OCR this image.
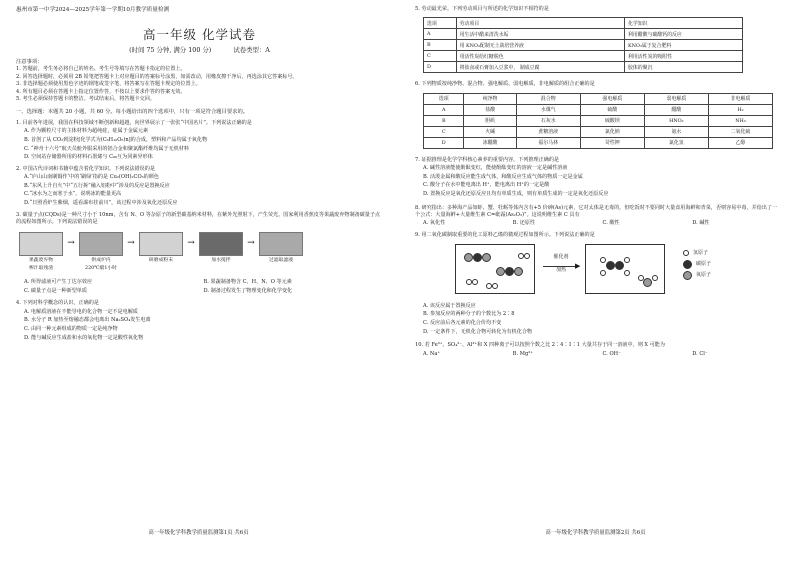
惠州市第一中学2024—2025学年第一学期10月教学质量检测
高一年级 化学试卷
(时间 75 分钟, 满分 100 分)	试卷类型：A
注意事项：
1. 答题前，考生务必将自己的姓名、考生号等填写在答题卡指定的位置上。
2. 回答选择题时，必须用 2B 铅笔把答题卡上对应题目的答案标号涂黑，如需改动，用橡皮擦干净后，再选涂其它答案标号。
3. 非选择题必须使用黑色字迹的钢笔或签字笔，将答案写在答题卡规定的位置上。
4. 所有题目必须在答题卡上指定位置作答，不按以上要求作答的答案无效。
5. 考生必须保持答题卡的整洁。考试结束后，将答题卡交回。
一、选择题：本题共 20 小题，共 60 分。每小题给出的四个选项中，只有一项是符合题目要求的。
1. 目前各年进展，我国在科技领域不断创新和超越，向世界展示了一张张“中国名片”。下列说法正确的是
A. 作为颗粒尺寸的主体材料为超纯硅，硅属于金属元素
B. 首创了从 CO₂到淀粉[化学式为(C₆H₁₀O₅)n]的合成，塑料和产品均属于氧化物
C. “神舟十六号”航天员舱外服采用的铝合金和聚氯酯纤维均属于无机材料
D. 空间站存储器所用的材料石墨烯与 C₆₀互为同素异形体
2. 中国古代诗词和书籍中蕴含着化学知识。下列说法错误的是
A.“庐山山南刷铜作‘中的‘刷绿’指的是 Cu₂(OH)₂CO₃的颜色
B.“东风上升自火”中“五行拆”融入铝粉中“涉及的反应是置换反应
C.“冰水为之而寒于水”，说明冰的能量更高
D.“日照香炉生紫烟，遥看瀑布挂前川”，该过程中涉及氧化还原反应
3. 碳量子点(CQDs)是一种尺寸小于 10nm，含有 N、O 等杂原子的新型碳基纳米材料，在紫外光照射下，产生荧光。国家利用香蕉皮等果蔬废弃物制备碳量子点的流程如图所示。下列说法错误的是
果蔬废弃物
榨汁取残渣
→
烘成炉内
220℃煅1小时
→
研磨成粉末
→
加水搅拌
→
过滤取滤液
A. 所得滤液可产生丁达尔效应	B. 果蔬制备物含 C、H、N、O 等元素
C. 碳量子点是一种新型单质	D. 制备过程发生了物理变化和化学变化
4. 下列对科学概念的认识，正确的是
A. 电解质溶液在不能导电的化合物一定不是电解质
B. 水分子 R 加热至熔融态都会电离出 Na₂SO₄发生电离
C. 由同一种元素组成的物质一定是纯净物
D. 能与碱反应生成盐和水的氧化物一定是酸性氧化物
高一年级化学科教学质量监测第1页 共6页
5. 劳动最光荣。下列劳动项目与所述的化学知识不相符的是
选项	劳动项目	化学知识
A	用生活中醋来清洗水垢	利用醋酸与碳酸钙的反应
B	用 KNO₃配制无土栽培营养液	KNO₃属于复合肥料
C	用活性炭给红糖脱色	利用活性炭的吸附性
D	将盐卤或石膏加入豆浆中， 制成豆腐	胶体的聚沉
6. 下列物质按纯净物、混合物、强电解质、弱电解质、非电解质的组合正确的是
选项	纯净物	混合物	强电解质	弱电解质	非电解质
A	盐酸	水煤气	硫酸	醋酸	H₂
B	胆矾	石灰水	硫酸钡	HNO₂	NH₃
C	火碱	蔗糖溶液	氯化钠	氨水	二氧化硫
D	冰醋酸	福尔马林	苛性钾	氯化氢	乙醇
7. 证据推理是化学学科核心素养的重要内容，下列推理正确的是
A. 碱性溶液能使酚酞变红，能使酚酞变红的溶液一定是碱性溶液
B. 活泼金属和酸反应能生成气体，和酸反应生成气体的物质一定是金属
C. 酸分子在水中能电离出 H⁺，能电离出 H⁺的一定是酸
D. 置换反应是氧化还原反应且均有单质生成，则有单质生成的一定是氧化还原反应
8. 研究指出：多种海产品如虾、蟹、牡蛎等体内含有+5 价砷(As)元素，它对太体是无毒的，但吃饭时不要同时大量食用海鲜和青菜，否则容易中毒，并给出了一个公式：大量海鲜+大量维生素 C=砒霜(As₂O₃)”。这说明维生素 C 具有
A. 氧化性	B. 还原性	C. 酸性	D. 碱性
9. 用二氧化碳制取重要的化工原料乙烯的微观过程如图所示。下列说法正确的是
催化剂
加热	▶
氢原子
碳原子
氧原子
A. 该反应属于置换反应
B. 参加反应的两种分子的个数比为 2∶8
C. 反应前后各元素的化合价均不变
D. 一定条件下，无机化合物可转化为有机化合物
10. 若 Fe³⁺、SO₄²⁻、Al³⁺和 X 四种离子可以按照个数之比 2∶4∶1∶1 大量共存于同一溶液中，则 X 可能为
A. Na⁺	B. Mg²⁺	C. OH⁻	D. Cl⁻
高一年级化学科教学质量监测第2页 共6页
